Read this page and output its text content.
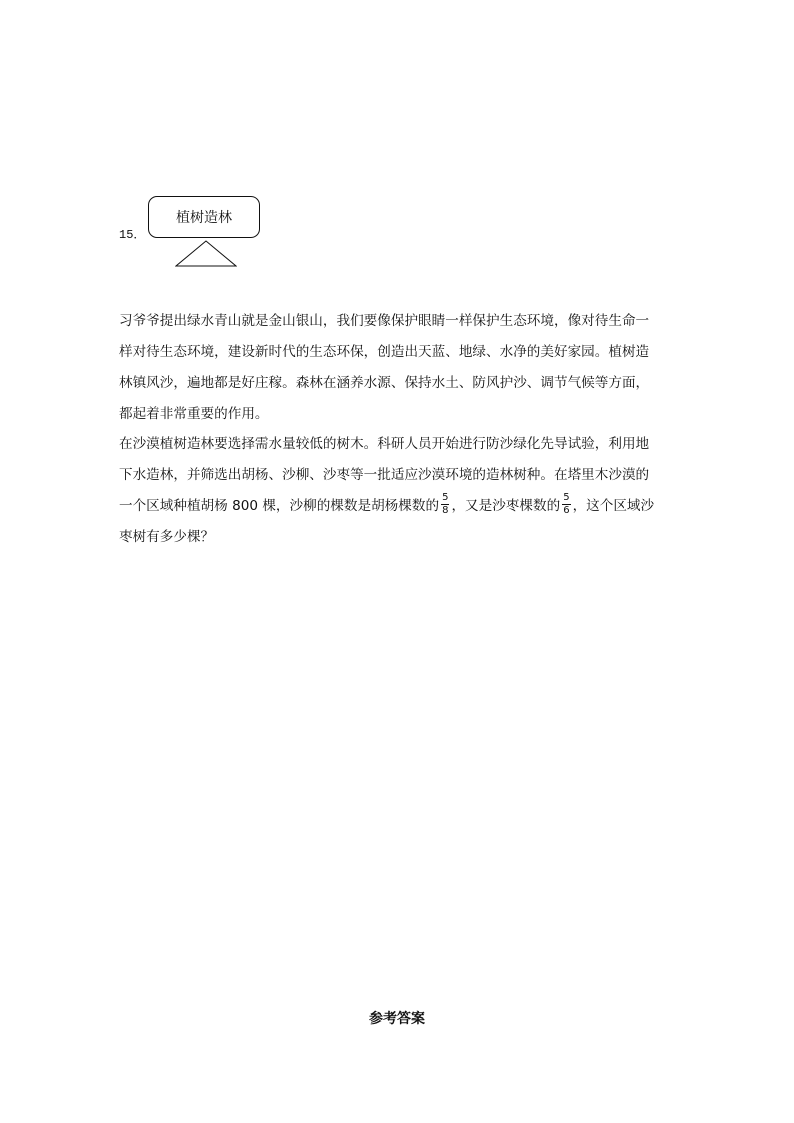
15．
植树造林
习爷爷提出绿水青山就是金山银山，我们要像保护眼睛一样保护生态环境，像对待生命一
样对待生态环境，建设新时代的生态环保，创造出天蓝、地绿、水净的美好家园。植树造
林镇风沙，遍地都是好庄稼。森林在涵养水源、保持水土、防风护沙、调节气候等方面，
都起着非常重要的作用。
在沙漠植树造林要选择需水量较低的树木。科研人员开始进行防沙绿化先导试验，利用地
下水造林，并筛选出胡杨、沙柳、沙枣等一批适应沙漠环境的造林树种。在塔里木沙漠的
一个区域种植胡杨 800 棵，沙柳的棵数是胡杨棵数的 $\frac{5}{8}$ ，又是沙枣棵数的 $\frac{5}{6}$ ，这个区域沙
枣树有多少棵？
参考答案
